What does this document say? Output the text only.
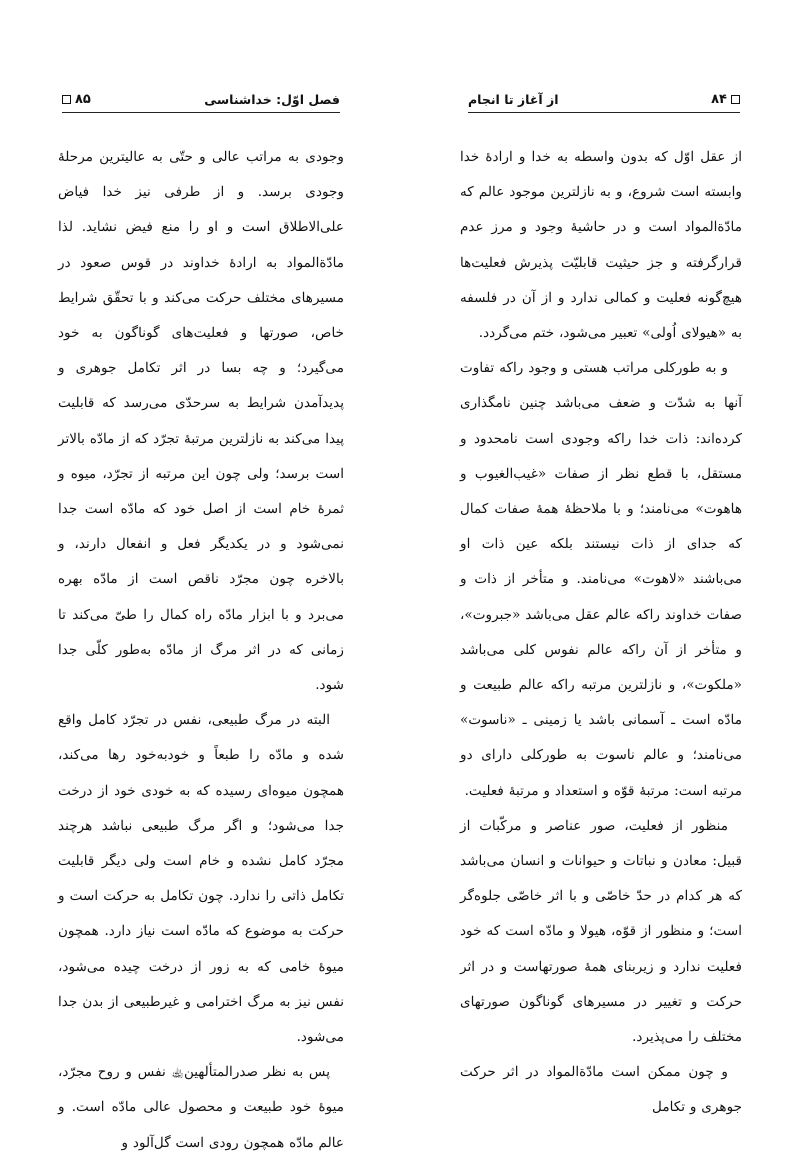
۸۵	فصل اوّل: خداشناسی

وجودی به مراتب عالی و حتّی به عالیترین مرحلهٔ وجودی برسد. و از طرفی نیز خدا فیاض علی‌الاطلاق است و او را منع فیض نشاید. لذا مادّةالمواد به ارادهٔ خداوند در قوس صعود در مسیرهای مختلف حرکت می‌کند و با تحقّق شرایط خاص، صورتها و فعلیت‌های گوناگون به خود می‌گیرد؛ و چه بسا در اثر تکامل جوهری و پدیدآمدن شرایط به سرحدّی می‌رسد که قابلیت پیدا می‌کند به نازلترین مرتبهٔ تجرّد که از مادّه بالاتر است برسد؛ ولی چون این مرتبه از تجرّد، میوه و ثمرهٔ خام است از اصل خود که مادّه است جدا نمی‌شود و در یکدیگر فعل و انفعال دارند، و بالاخره چون مجرّد ناقص است از مادّه بهره می‌برد و با ابزار مادّه راه کمال را طیّ می‌کند تا زمانی که در اثر مرگ از مادّه به‌طور کلّی جدا شود.

البته در مرگ طبیعی، نفس در تجرّد کامل واقع شده و مادّه را طبعاً و خودبه‌خود رها می‌کند، همچون میوه‌ای رسیده که به خودی خود از درخت جدا می‌شود؛ و اگر مرگ طبیعی نباشد هرچند مجرّد کامل نشده و خام است ولی دیگر قابلیت تکامل ذاتی را ندارد. چون تکامل به حرکت است و حرکت به موضوع که مادّه است نیاز دارد. همچون میوهٔ خامی که به زور از درخت چیده می‌شود، نفس نیز به مرگ اخترامی و غیرطبیعی از بدن جدا می‌شود.

پس به نظر صدرالمتألهین﵀ نفس و روح مجرّد، میوهٔ خود طبیعت و محصول عالی مادّه است. و عالم مادّه همچون رودی است گل‌آلود و

از آغاز تا انجام	۸۴

از عقل اوّل که بدون واسطه به خدا و ارادهٔ خدا وابسته است شروع، و به نازلترین موجود عالم که مادّةالمواد است و در حاشیهٔ وجود و مرز عدم قرارگرفته و جز حیثیت قابلیّت پذیرش فعلیت‌ها هیچ‌گونه فعلیت و کمالی ندارد و از آن در فلسفه به «هیولای اُولی» تعبیر می‌شود، ختم می‌گردد.

و به طورکلی مراتب هستی و وجود راکه تفاوت آنها به شدّت و ضعف می‌باشد چنین نامگذاری کرده‌اند: ذات خدا راکه وجودی است نامحدود و مستقل، با قطع نظر از صفات «غیب‌الغیوب و هاهوت» می‌نامند؛ و با ملاحظهٔ همهٔ صفات کمال که جدای از ذات نیستند بلکه عین ذات او می‌باشند «لاهوت» می‌نامند. و متأخر از ذات و صفات خداوند راکه عالم عقل می‌باشد «جبروت»، و متأخر از آن راکه عالم نفوس کلی می‌باشد «ملکوت»، و نازلترین مرتبه راکه عالم طبیعت و مادّه است ـ آسمانی باشد یا زمینی ـ «ناسوت» می‌نامند؛ و عالم ناسوت به طورکلی دارای دو مرتبه است: مرتبهٔ قوّه و استعداد و مرتبهٔ فعلیت.

منظور از فعلیت، صور عناصر و مرکّبات از قبیل: معادن و نباتات و حیوانات و انسان می‌باشد که هر کدام در حدّ خاصّی و با اثر خاصّی جلوه‌گر است؛ و منظور از قوّه، هیولا و مادّه است که خود فعلیت ندارد و زیربنای همهٔ صورتهاست و در اثر حرکت و تغییر در مسیرهای گوناگون صورتهای مختلف را می‌پذیرد.

و چون ممکن است مادّةالمواد در اثر حرکت جوهری و تکامل
